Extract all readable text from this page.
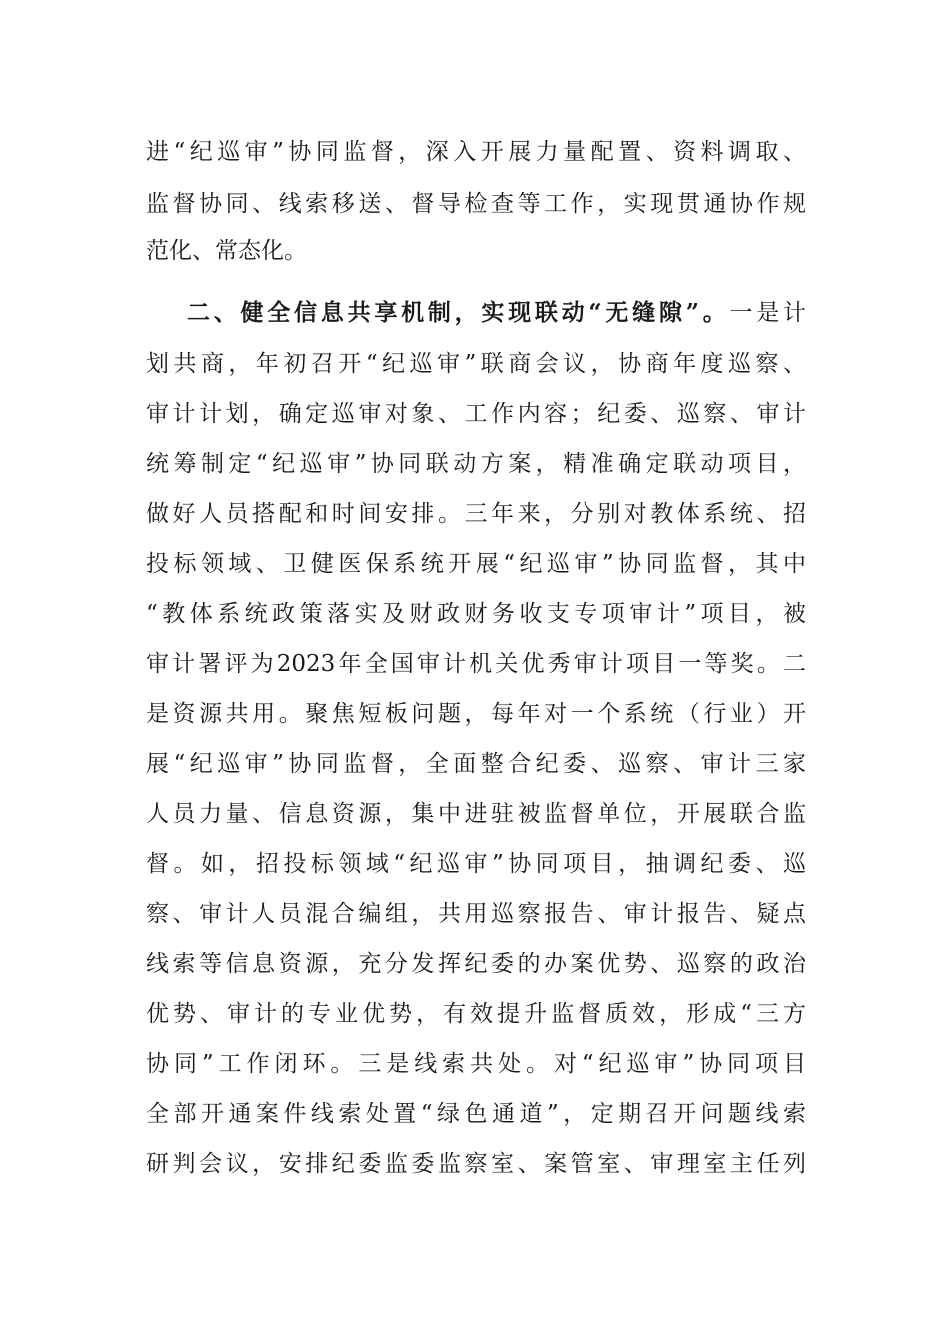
进“纪巡审”协同监督，深入开展力量配置、资料调取、
监督协同、线索移送、督导检查等工作，实现贯通协作规
范化、常态化。
二、健全信息共享机制，实现联动“无缝隙”。一是计
划共商，年初召开“纪巡审”联商会议，协商年度巡察、
审计计划，确定巡审对象、工作内容；纪委、巡察、审计
统筹制定“纪巡审”协同联动方案，精准确定联动项目，
做好人员搭配和时间安排。三年来，分别对教体系统、招
投标领域、卫健医保系统开展“纪巡审”协同监督，其中
“教体系统政策落实及财政财务收支专项审计”项目，被
审计署评为2023年全国审计机关优秀审计项目一等奖。二
是资源共用。聚焦短板问题，每年对一个系统（行业）开
展“纪巡审”协同监督，全面整合纪委、巡察、审计三家
人员力量、信息资源，集中进驻被监督单位，开展联合监
督。如，招投标领域“纪巡审”协同项目，抽调纪委、巡
察、审计人员混合编组，共用巡察报告、审计报告、疑点
线索等信息资源，充分发挥纪委的办案优势、巡察的政治
优势、审计的专业优势，有效提升监督质效，形成“三方
协同”工作闭环。三是线索共处。对“纪巡审”协同项目
全部开通案件线索处置“绿色通道”，定期召开问题线索
研判会议，安排纪委监委监察室、案管室、审理室主任列
